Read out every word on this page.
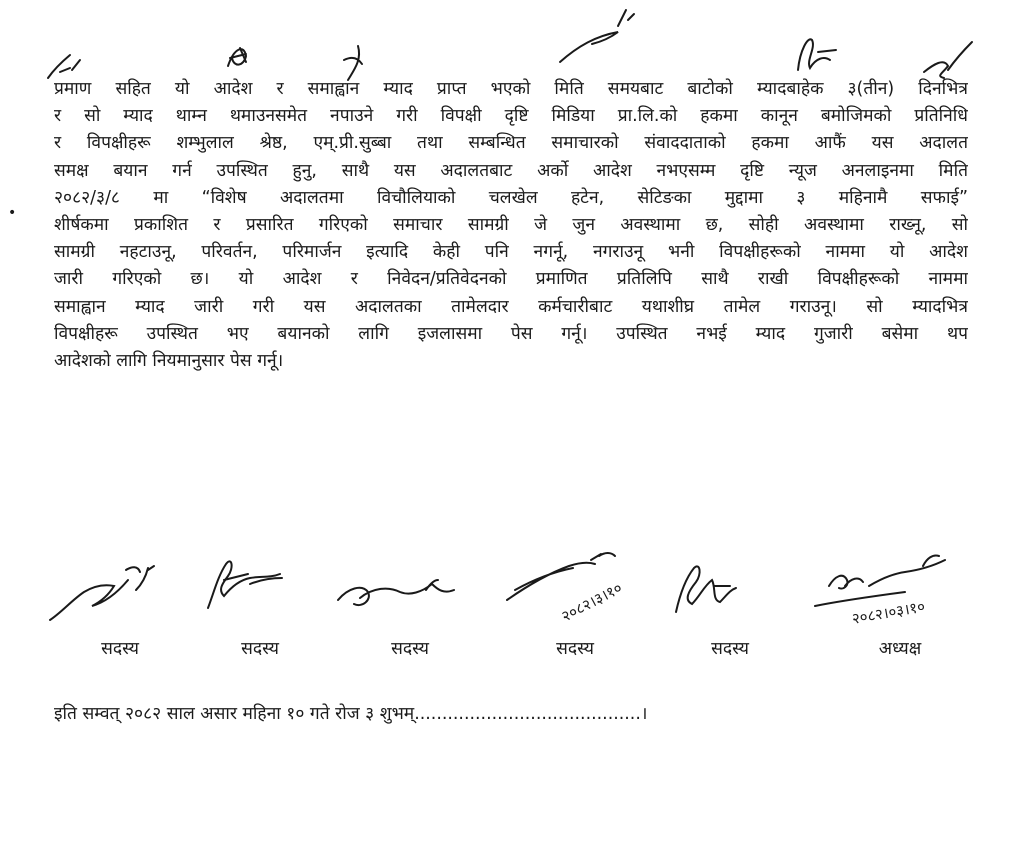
•
प्रमाण सहित यो आदेश र समाह्वान म्याद प्राप्त भएको मिति समयबाट बाटोको म्यादबाहेक ३(तीन) दिनभित्र
र सो म्याद थाम्न थमाउनसमेत नपाउने गरी विपक्षी दृष्टि मिडिया प्रा.लि.को हकमा कानून बमोजिमको प्रतिनिधि
र विपक्षीहरू शम्भुलाल श्रेष्ठ, एम्.प्री.सुब्बा तथा सम्बन्धित समाचारको संवाददाताको हकमा आफैं यस अदालत
समक्ष बयान गर्न उपस्थित हुनु, साथै यस अदालतबाट अर्को आदेश नभएसम्म दृष्टि न्यूज अनलाइनमा मिति
२०८२/३/८ मा “विशेष अदालतमा विचौलियाको चलखेल हटेन, सेटिङका मुद्दामा ३ महिनामै सफाई”
शीर्षकमा प्रकाशित र प्रसारित गरिएको समाचार सामग्री जे जुन अवस्थामा छ, सोही अवस्थामा राख्नू, सो
सामग्री नहटाउनू, परिवर्तन, परिमार्जन इत्यादि केही पनि नगर्नू, नगराउनू भनी विपक्षीहरूको नाममा यो आदेश
जारी गरिएको छ। यो आदेश र निवेदन/प्रतिवेदनको प्रमाणित प्रतिलिपि साथै राखी विपक्षीहरूको नाममा
समाह्वान म्याद जारी गरी यस अदालतका तामेलदार कर्मचारीबाट यथाशीघ्र तामेल गराउनू। सो म्यादभित्र
विपक्षीहरू उपस्थित भए बयानको लागि इजलासमा पेस गर्नू। उपस्थित नभई म्याद गुजारी बसेमा थप
आदेशको लागि नियमानुसार पेस गर्नू।
सदस्य	सदस्य	सदस्य
२०८२।३।१०
सदस्य	सदस्य
२०८२।०३।१०
अध्यक्ष
इति सम्वत् २०८२ साल असार महिना १० गते रोज ३ शुभम्.........................................।
